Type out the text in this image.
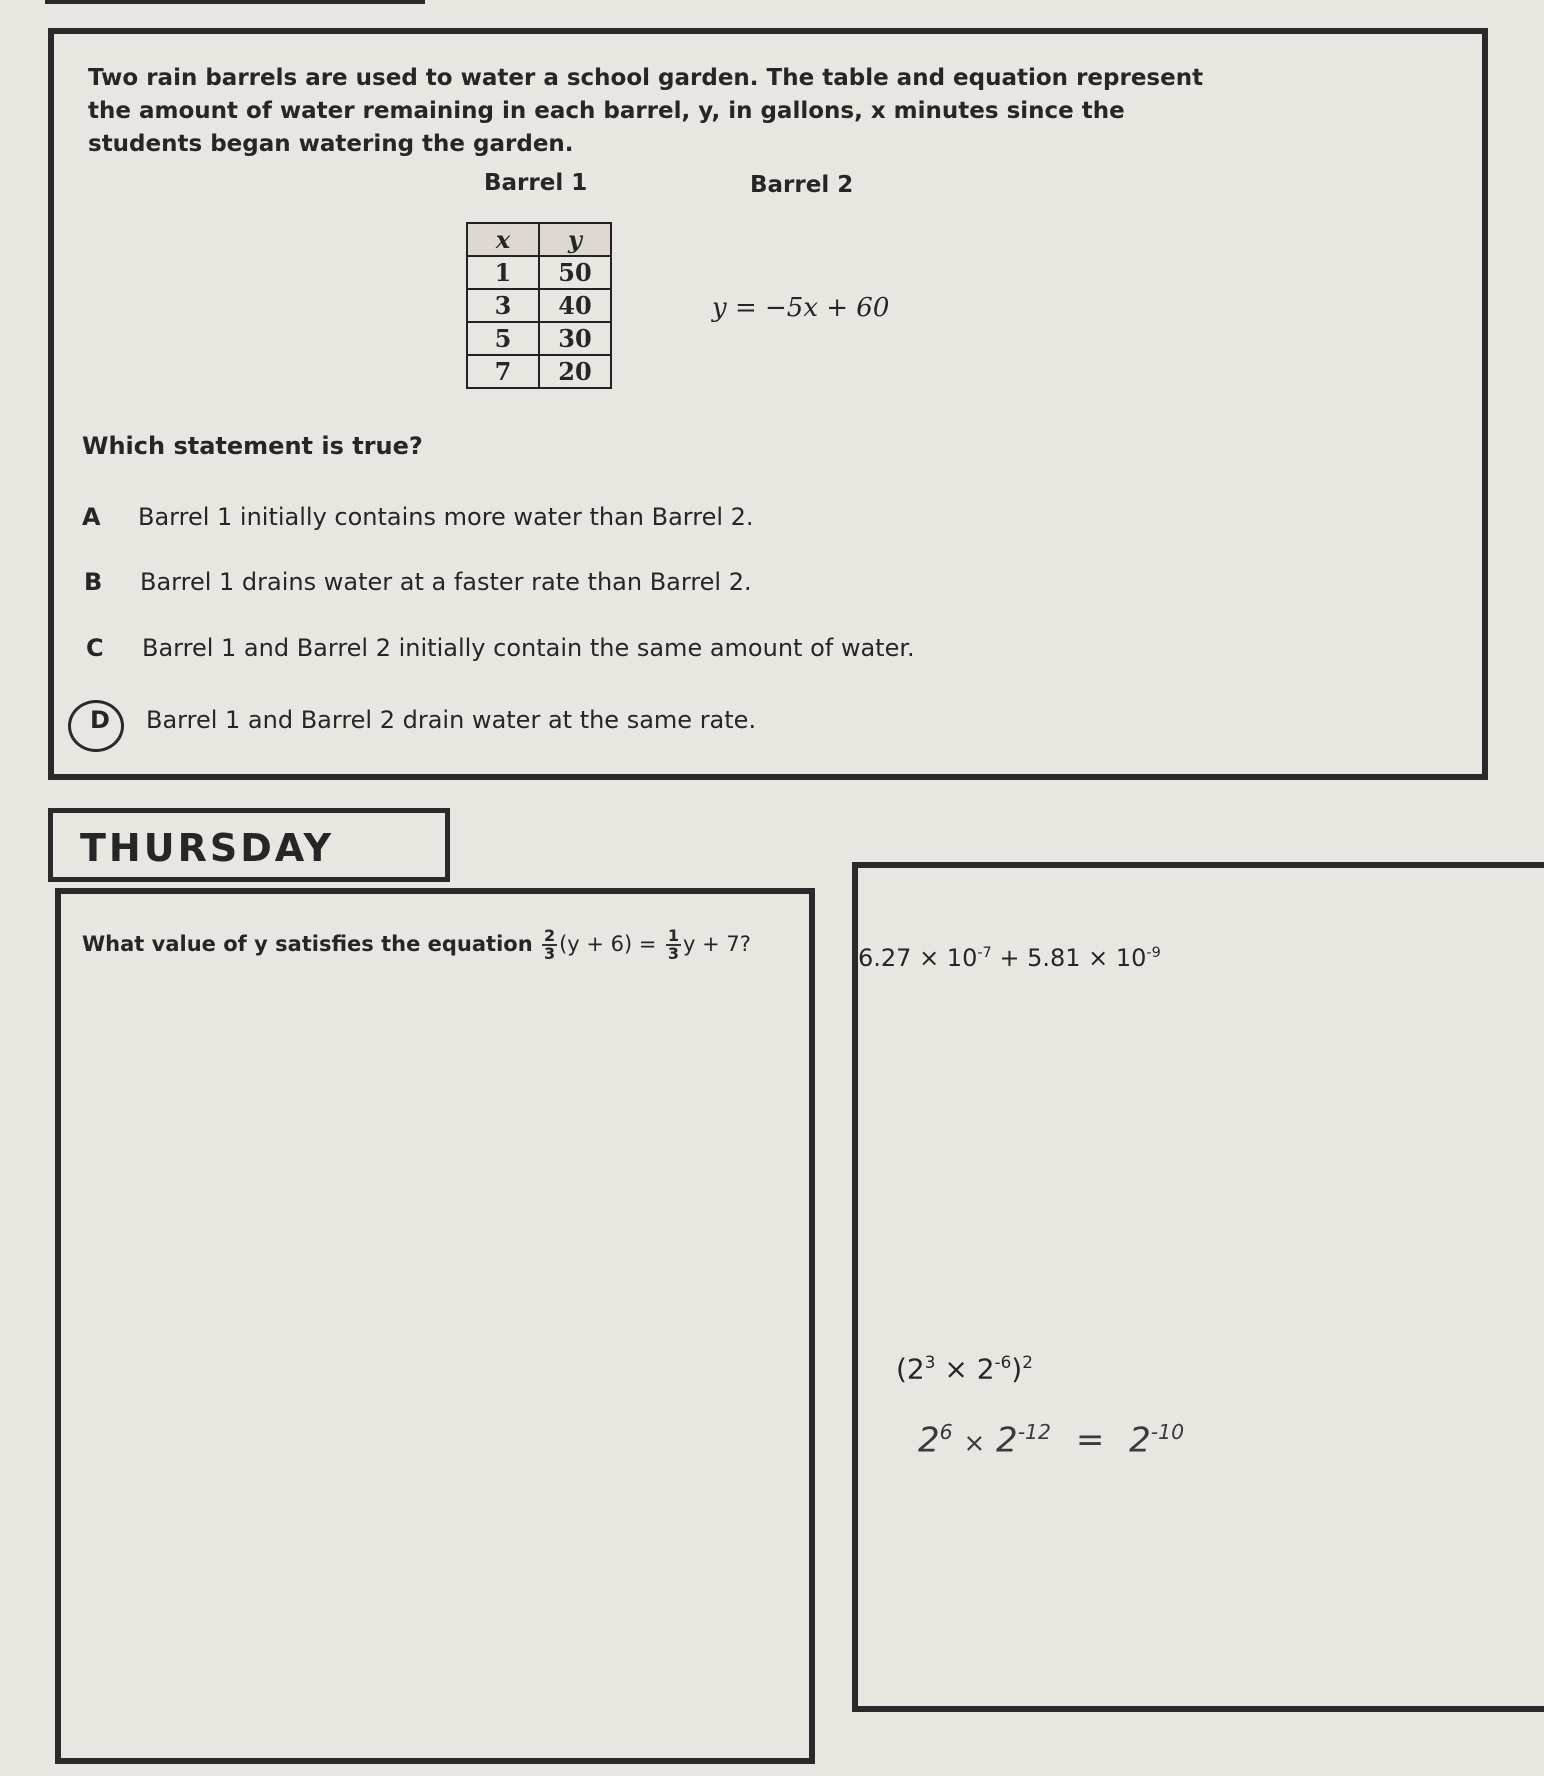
Two rain barrels are used to water a school garden. The table and equation represent the amount of water remaining in each barrel, y, in gallons, x minutes since the students began watering the garden.
Barrel 1	Barrel 2
x	y
1	50
3	40
5	30
7	20
y = −5x + 60
Which statement is true?
A Barrel 1 initially contains more water than Barrel 2.
B Barrel 1 drains water at a faster rate than Barrel 2.
C Barrel 1 and Barrel 2 initially contain the same amount of water.
D Barrel 1 and Barrel 2 drain water at the same rate.
THURSDAY
What value of y satisfies the equation $\frac{2}{3} (y + 6) = \frac{1}{3}$ y + 7?	$6.27 \times 10^{-7} + 5.81 \times 10^{-9}$
$(2^3 \times 2^{-6})^2$
$2^6 \times 2^{-12} = 2^{-10}$
